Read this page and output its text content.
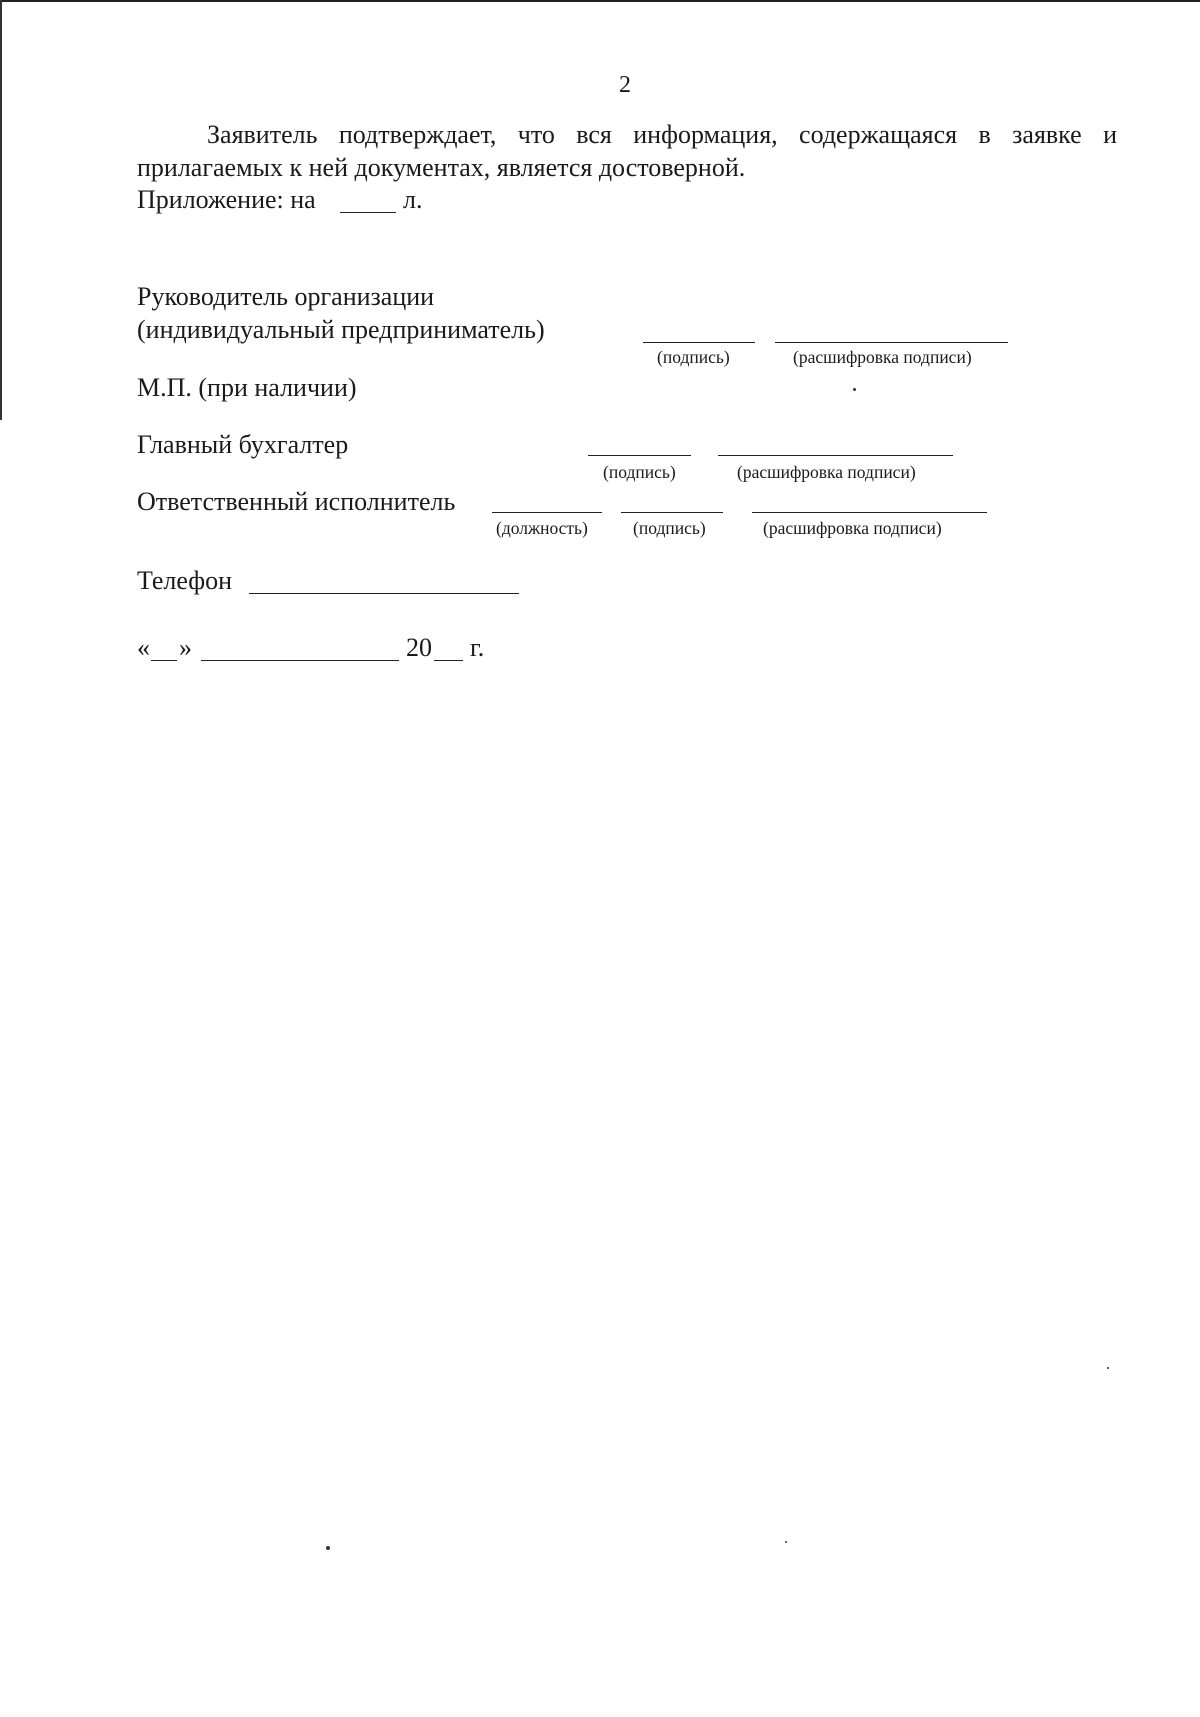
2
Заявитель подтверждает, что вся информация, содержащаяся в заявке и прилагаемых к ней документах, является достоверной.
Приложение: на	л.
Руководитель организации
(индивидуальный предприниматель)
(подпись)	(расшифровка подписи)
М.П. (при наличии)
Главный бухгалтер
(подпись)	(расшифровка подписи)
Ответственный исполнитель
(должность)	(подпись)	(расшифровка подписи)
Телефон
« »	20 г.
